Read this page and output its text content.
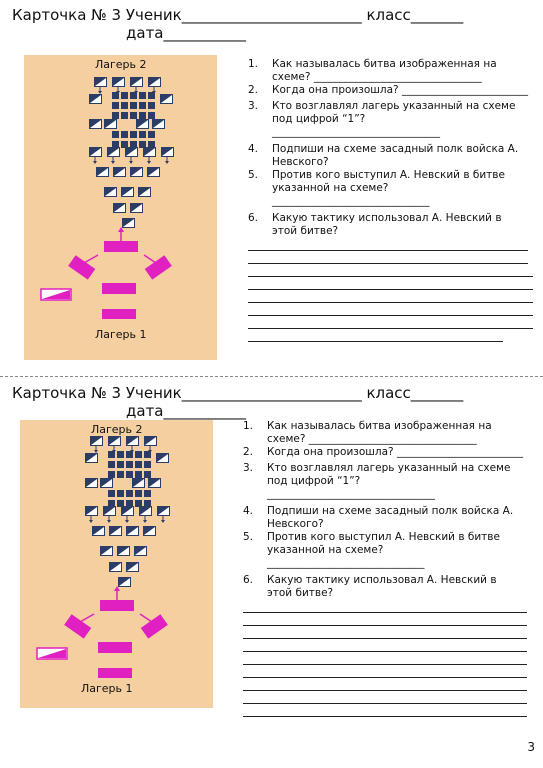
Карточка № 3 Ученик________________________ класс_______
дата___________
Лагерь 2
Лагерь 1
1. Как называлась битва изображенная на схеме? ________________________________
2. Когда она произошла? ________________________
3. Кто возглавлял лагерь указанный на схеме под цифрой “1”? ________________________________
4. Подпиши на схеме засадный полк войска А. Невского?
5. Против кого выступил А. Невский в битве указанной на схеме? ______________________________
6. Какую тактику использовал А. Невский в этой битве?
Карточка № 3 Ученик________________________ класс_______
дата___________
Лагерь 2
Лагерь 1
1. Как называлась битва изображенная на схеме? ________________________________
2. Когда она произошла? ________________________
3. Кто возглавлял лагерь указанный на схеме под цифрой “1”? ________________________________
4. Подпиши на схеме засадный полк войска А. Невского?
5. Против кого выступил А. Невский в битве указанной на схеме? ______________________________
6. Какую тактику использовал А. Невский в этой битве?
3
